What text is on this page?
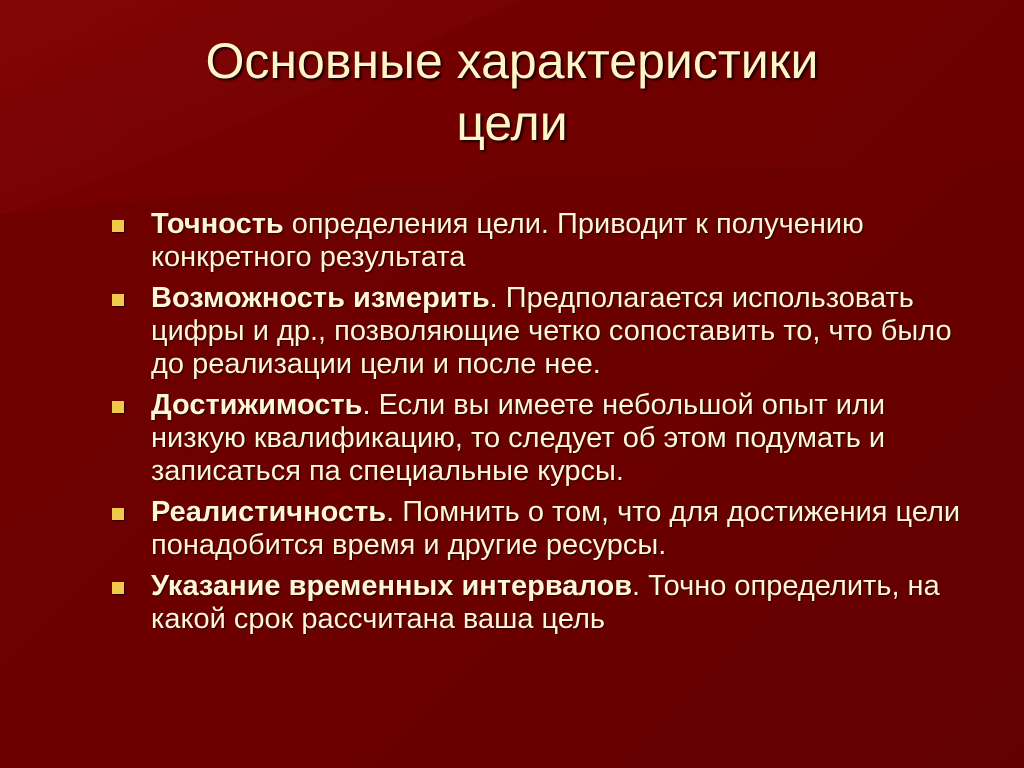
Основные характеристики
цели
Точность определения цели. Приводит к получению конкретного результата
Возможность измерить. Предполагается использовать цифры и др., позволяющие четко сопоставить то, что было до реализации цели и после нее.
Достижимость. Если вы имеете небольшой опыт или низкую квалификацию, то следует об этом подумать и записаться па специальные курсы.
Реалистичность. Помнить о том, что для достижения цели понадобится время и другие ресурсы.
Указание временных интервалов. Точно определить, на какой срок рассчитана ваша цель
